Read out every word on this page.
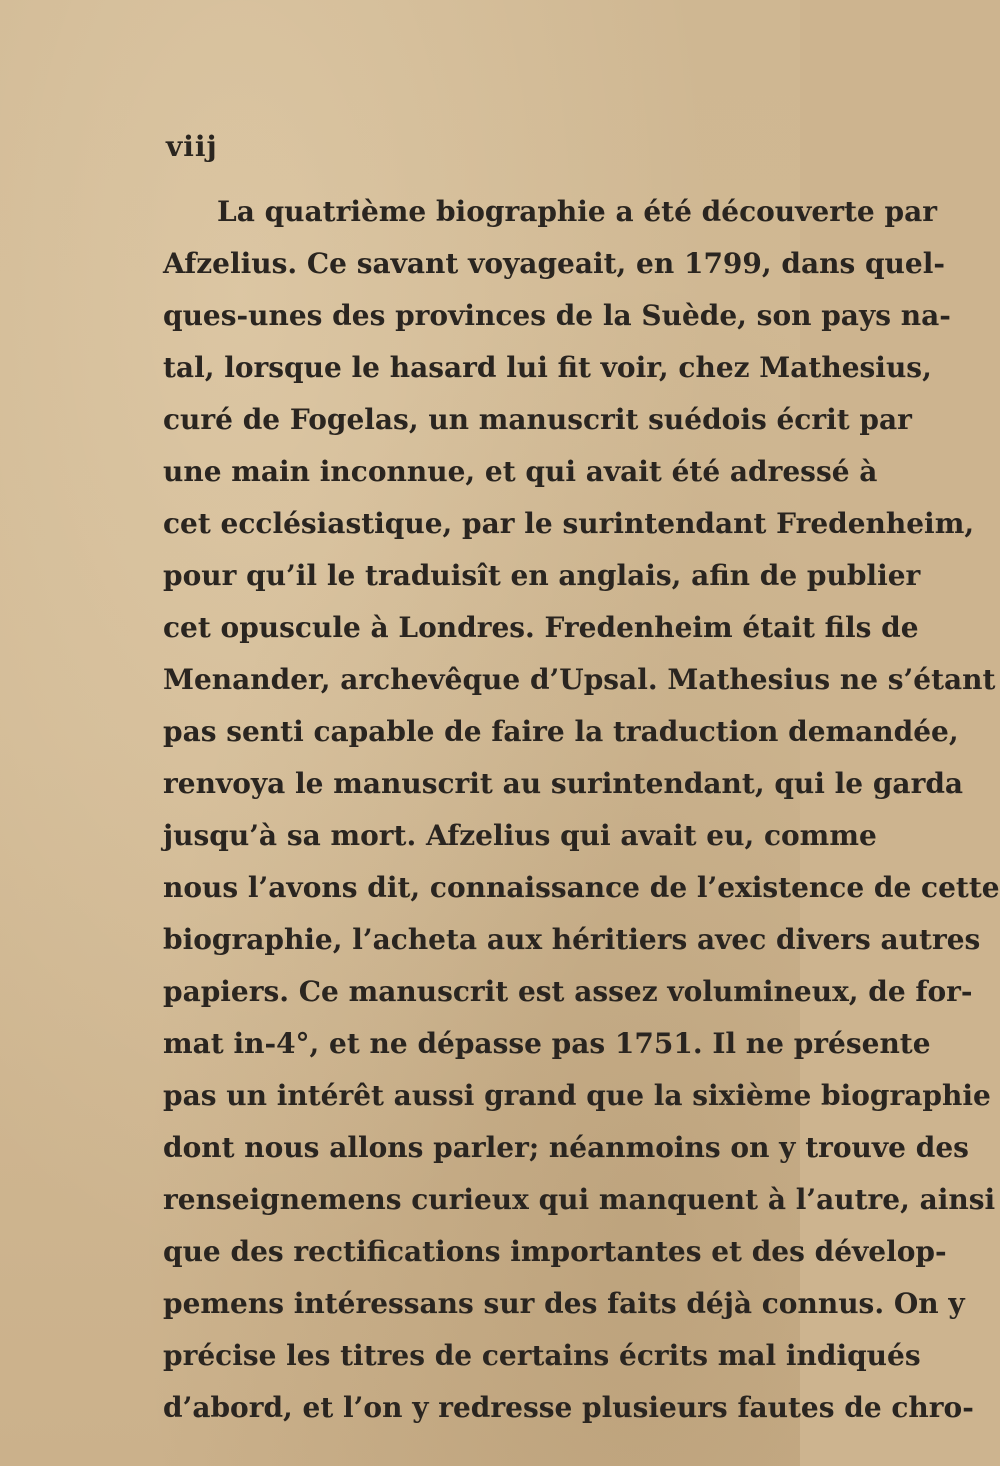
viij
La quatrième biographie a été découverte par
Afzelius. Ce savant voyageait, en 1799, dans quel-
ques-unes des provinces de la Suède, son pays na-
tal, lorsque le hasard lui fit voir, chez Mathesius,
curé de Fogelas, un manuscrit suédois écrit par
une main inconnue, et qui avait été adressé à
cet ecclésiastique, par le surintendant Fredenheim,
pour qu’il le traduisît en anglais, afin de publier
cet opuscule à Londres. Fredenheim était fils de
Menander, archevêque d’Upsal. Mathesius ne s’étant
pas senti capable de faire la traduction demandée,
renvoya le manuscrit au surintendant, qui le garda
jusqu’à sa mort. Afzelius qui avait eu, comme
nous l’avons dit, connaissance de l’existence de cette
biographie, l’acheta aux héritiers avec divers autres
papiers. Ce manuscrit est assez volumineux, de for-
mat in-4°, et ne dépasse pas 1751. Il ne présente
pas un intérêt aussi grand que la sixième biographie
dont nous allons parler; néanmoins on y trouve des
renseignemens curieux qui manquent à l’autre, ainsi
que des rectifications importantes et des dévelop-
pemens intéressans sur des faits déjà connus. On y
précise les titres de certains écrits mal indiqués
d’abord, et l’on y redresse plusieurs fautes de chro-
